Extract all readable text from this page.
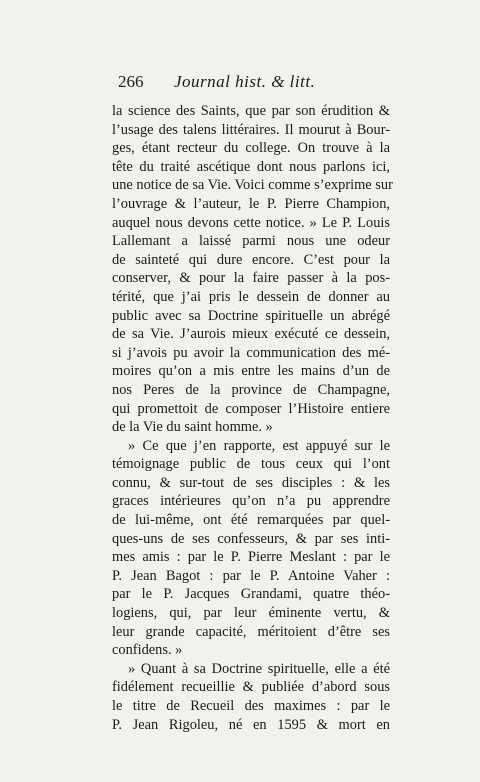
266 Journal hist. & litt.
la science des Saints, que par son érudition &
l’usage des talens littéraires. Il mourut à Bour-
ges, étant recteur du college. On trouve à la
tête du traité ascétique dont nous parlons ici,
une notice de sa Vie. Voici comme s’exprime sur
l’ouvrage & l’auteur, le P. Pierre Champion,
auquel nous devons cette notice. » Le P. Louis
Lallemant a laissé parmi nous une odeur
de sainteté qui dure encore. C’est pour la
conserver, & pour la faire passer à la pos-
térité, que j’ai pris le dessein de donner au
public avec sa Doctrine spirituelle un abrégé
de sa Vie. J’aurois mieux exécuté ce dessein,
si j’avois pu avoir la communication des mé-
moires qu’on a mis entre les mains d’un de
nos Peres de la province de Champagne,
qui promettoit de composer l’Histoire entiere
de la Vie du saint homme. »
» Ce que j’en rapporte, est appuyé sur le
témoignage public de tous ceux qui l’ont
connu, & sur-tout de ses disciples : & les
graces intérieures qu’on n’a pu apprendre
de lui-même, ont été remarquées par quel-
ques-uns de ses confesseurs, & par ses inti-
mes amis : par le P. Pierre Meslant : par le
P. Jean Bagot : par le P. Antoine Vaher :
par le P. Jacques Grandami, quatre théo-
logiens, qui, par leur éminente vertu, &
leur grande capacité, méritoient d’être ses
confidens. »
» Quant à sa Doctrine spirituelle, elle a été
fidélement recueillie & publiée d’abord sous
le titre de Recueil des maximes : par le
P. Jean Rigoleu, né en 1595 & mort en
